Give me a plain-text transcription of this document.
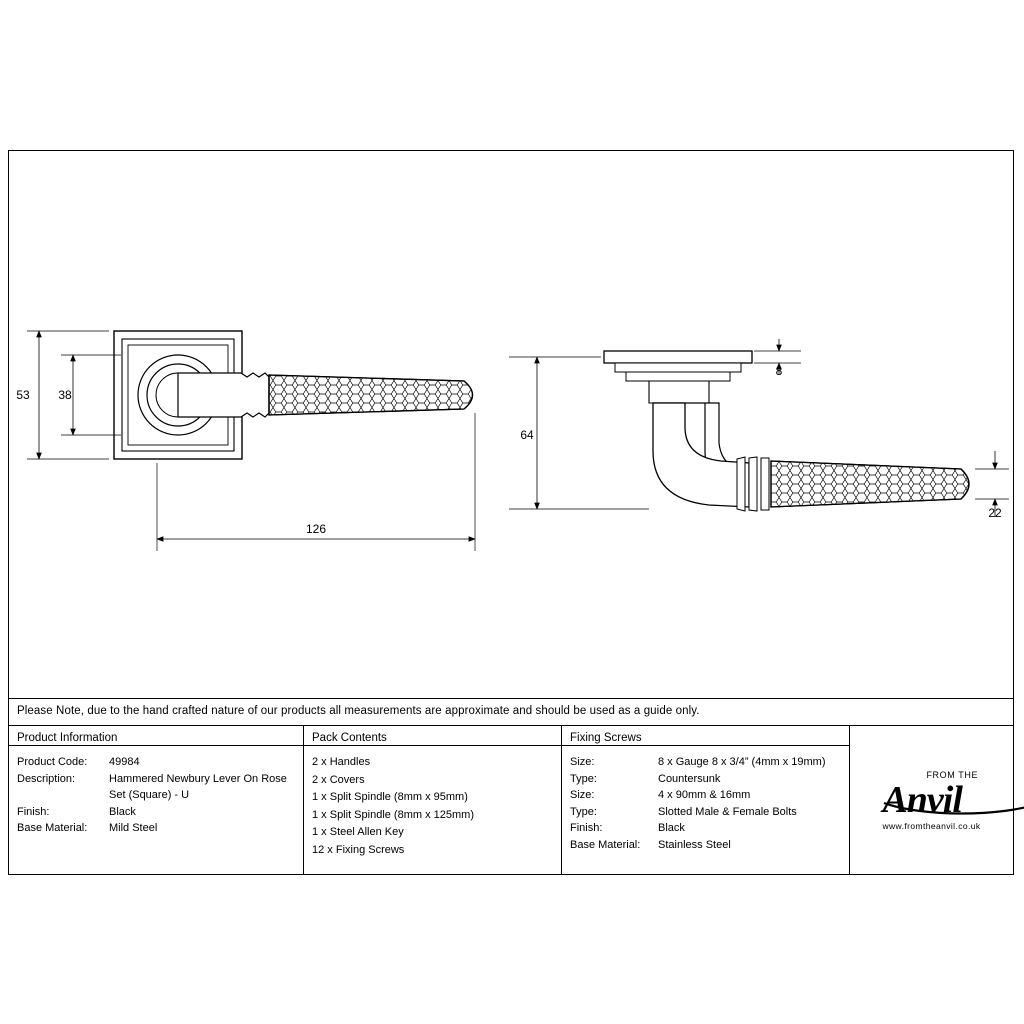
53 38
126
8
64
22
Please Note, due to the hand crafted nature of our products all measurements are approximate and should be used as a guide only.
Product Information
Product Code:	49984
Description:	Hammered Newbury Lever On Rose
Set (Square) - U
Finish:	Black
Base Material:	Mild Steel
Pack Contents
2 x Handles
2 x Covers
1 x Split Spindle (8mm x 95mm)
1 x Split Spindle (8mm x 125mm)
1 x Steel Allen Key
12 x Fixing Screws
Fixing Screws
Size:	8 x Gauge 8 x 3/4” (4mm x 19mm)
Type:	Countersunk
Size:	4 x 90mm & 16mm
Type:	Slotted Male & Female Bolts
Finish:	Black
Base Material:	Stainless Steel
FROM THE
Anvil
www.fromtheanvil.co.uk
